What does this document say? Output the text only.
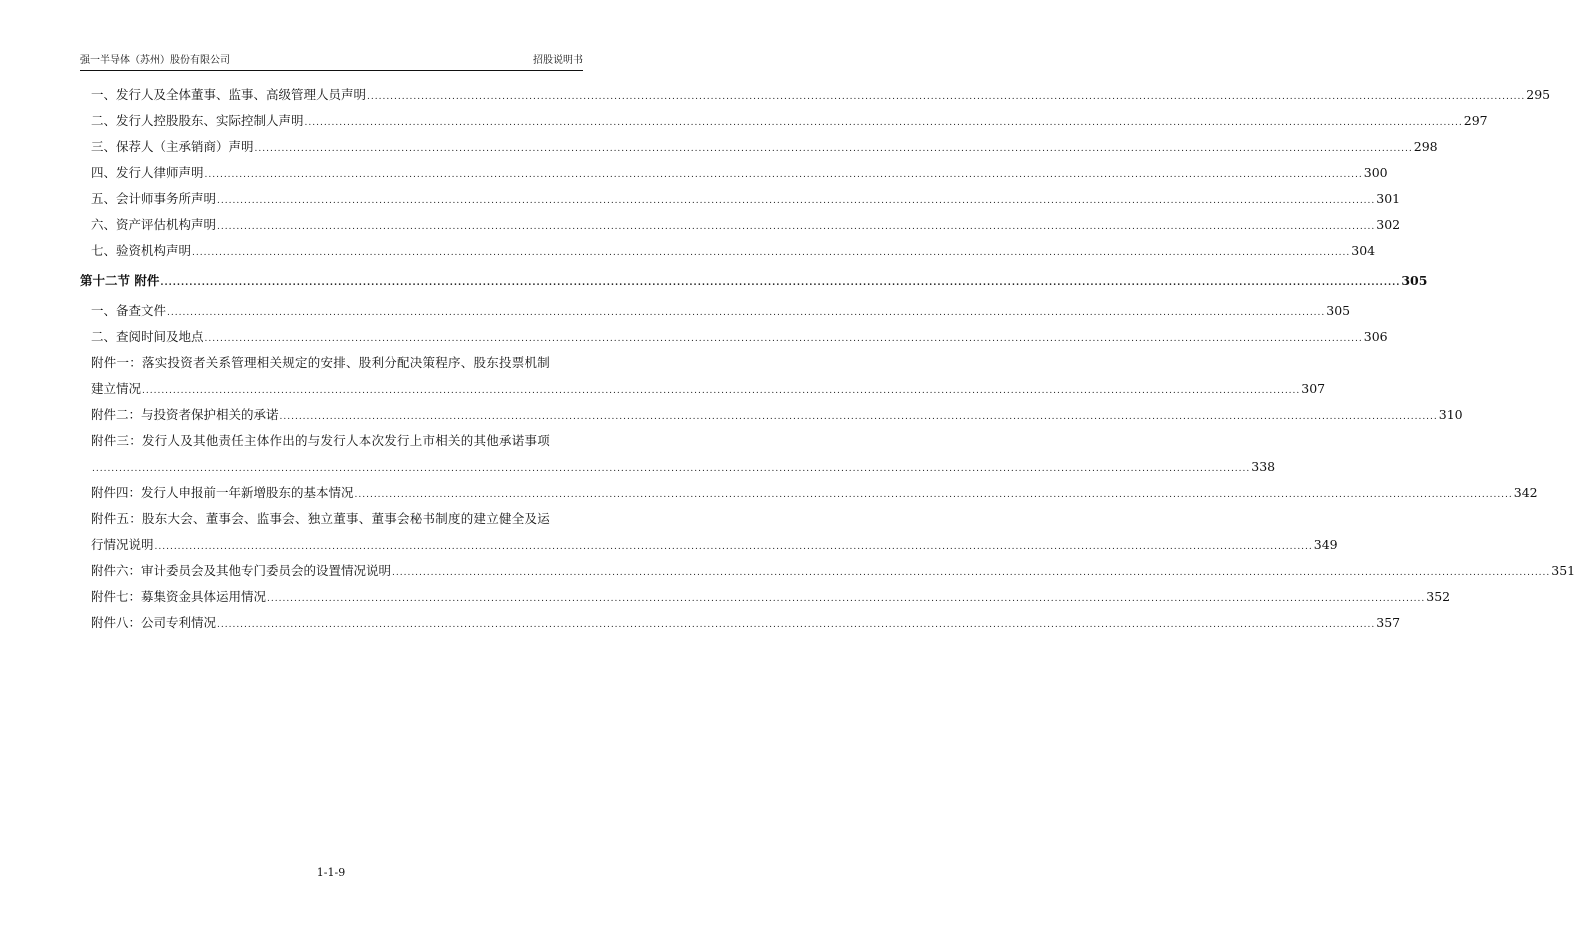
强一半导体（苏州）股份有限公司	招股说明书
一、发行人及全体董事、监事、高级管理人员声明 ............................................................................................................................................................................................................................................................................................................ 295
二、发行人控股股东、实际控制人声明 ............................................................................................................................................................................................................................................................................................................ 297
三、保荐人（主承销商）声明 ............................................................................................................................................................................................................................................................................................................ 298
四、发行人律师声明 ............................................................................................................................................................................................................................................................................................................ 300
五、会计师事务所声明 ............................................................................................................................................................................................................................................................................................................ 301
六、资产评估机构声明 ............................................................................................................................................................................................................................................................................................................ 302
七、验资机构声明 ............................................................................................................................................................................................................................................................................................................ 304
第十二节 附件 ............................................................................................................................................................................................................................................................................................................ 305
一、备查文件 ............................................................................................................................................................................................................................................................................................................ 305
二、查阅时间及地点 ............................................................................................................................................................................................................................................................................................................ 306
附件一：落实投资者关系管理相关规定的安排、股利分配决策程序、股东投票机制
建立情况 ............................................................................................................................................................................................................................................................................................................ 307
附件二：与投资者保护相关的承诺 ............................................................................................................................................................................................................................................................................................................ 310
附件三：发行人及其他责任主体作出的与发行人本次发行上市相关的其他承诺事项
............................................................................................................................................................................................................................................................................................................ 338
附件四：发行人申报前一年新增股东的基本情况 ............................................................................................................................................................................................................................................................................................................ 342
附件五：股东大会、董事会、监事会、独立董事、董事会秘书制度的建立健全及运
行情况说明 ............................................................................................................................................................................................................................................................................................................ 349
附件六：审计委员会及其他专门委员会的设置情况说明 ............................................................................................................................................................................................................................................................................................................ 351
附件七：募集资金具体运用情况 ............................................................................................................................................................................................................................................................................................................ 352
附件八：公司专利情况 ............................................................................................................................................................................................................................................................................................................ 357
1-1-9
